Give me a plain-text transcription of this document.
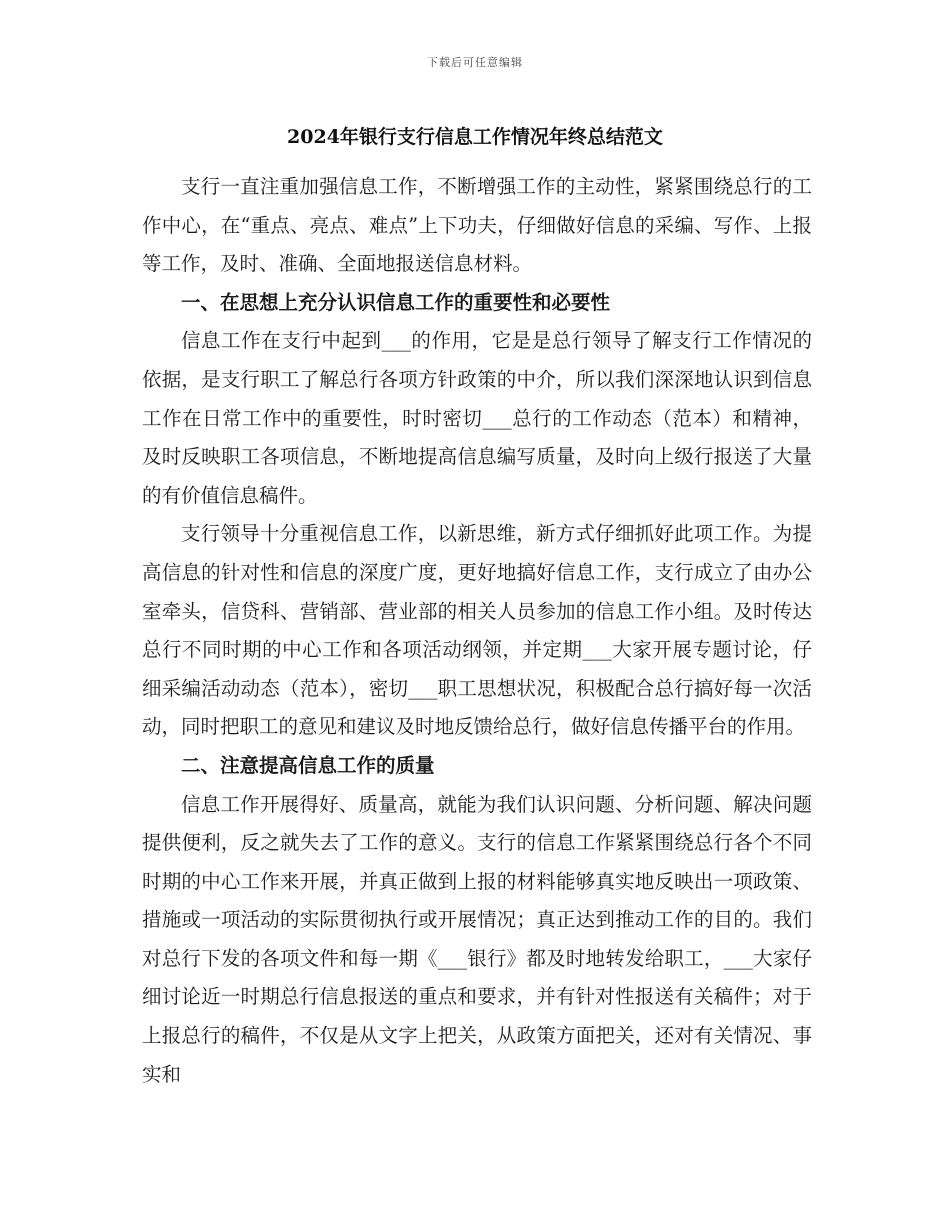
下载后可任意编辑
2024年银行支行信息工作情况年终总结范文

支行一直注重加强信息工作，不断增强工作的主动性，紧紧围绕总行的工作中心，在“重点、亮点、难点”上下功夫，仔细做好信息的采编、写作、上报等工作，及时、准确、全面地报送信息材料。

一、在思想上充分认识信息工作的重要性和必要性

信息工作在支行中起到___的作用，它是是总行领导了解支行工作情况的依据，是支行职工了解总行各项方针政策的中介，所以我们深深地认识到信息工作在日常工作中的重要性，时时密切___总行的工作动态（范本）和精神，及时反映职工各项信息，不断地提高信息编写质量，及时向上级行报送了大量的有价值信息稿件。

支行领导十分重视信息工作，以新思维，新方式仔细抓好此项工作。为提高信息的针对性和信息的深度广度，更好地搞好信息工作，支行成立了由办公室牵头，信贷科、营销部、营业部的相关人员参加的信息工作小组。及时传达总行不同时期的中心工作和各项活动纲领，并定期___大家开展专题讨论，仔细采编活动动态（范本），密切___职工思想状况，积极配合总行搞好每一次活动，同时把职工的意见和建议及时地反馈给总行，做好信息传播平台的作用。

二、注意提高信息工作的质量

信息工作开展得好、质量高，就能为我们认识问题、分析问题、解决问题提供便利，反之就失去了工作的意义。支行的信息工作紧紧围绕总行各个不同时期的中心工作来开展，并真正做到上报的材料能够真实地反映出一项政策、措施或一项活动的实际贯彻执行或开展情况；真正达到推动工作的目的。我们对总行下发的各项文件和每一期《___银行》都及时地转发给职工，___大家仔细讨论近一时期总行信息报送的重点和要求，并有针对性报送有关稿件；对于上报总行的稿件，不仅是从文字上把关，从政策方面把关，还对有关情况、事实和
